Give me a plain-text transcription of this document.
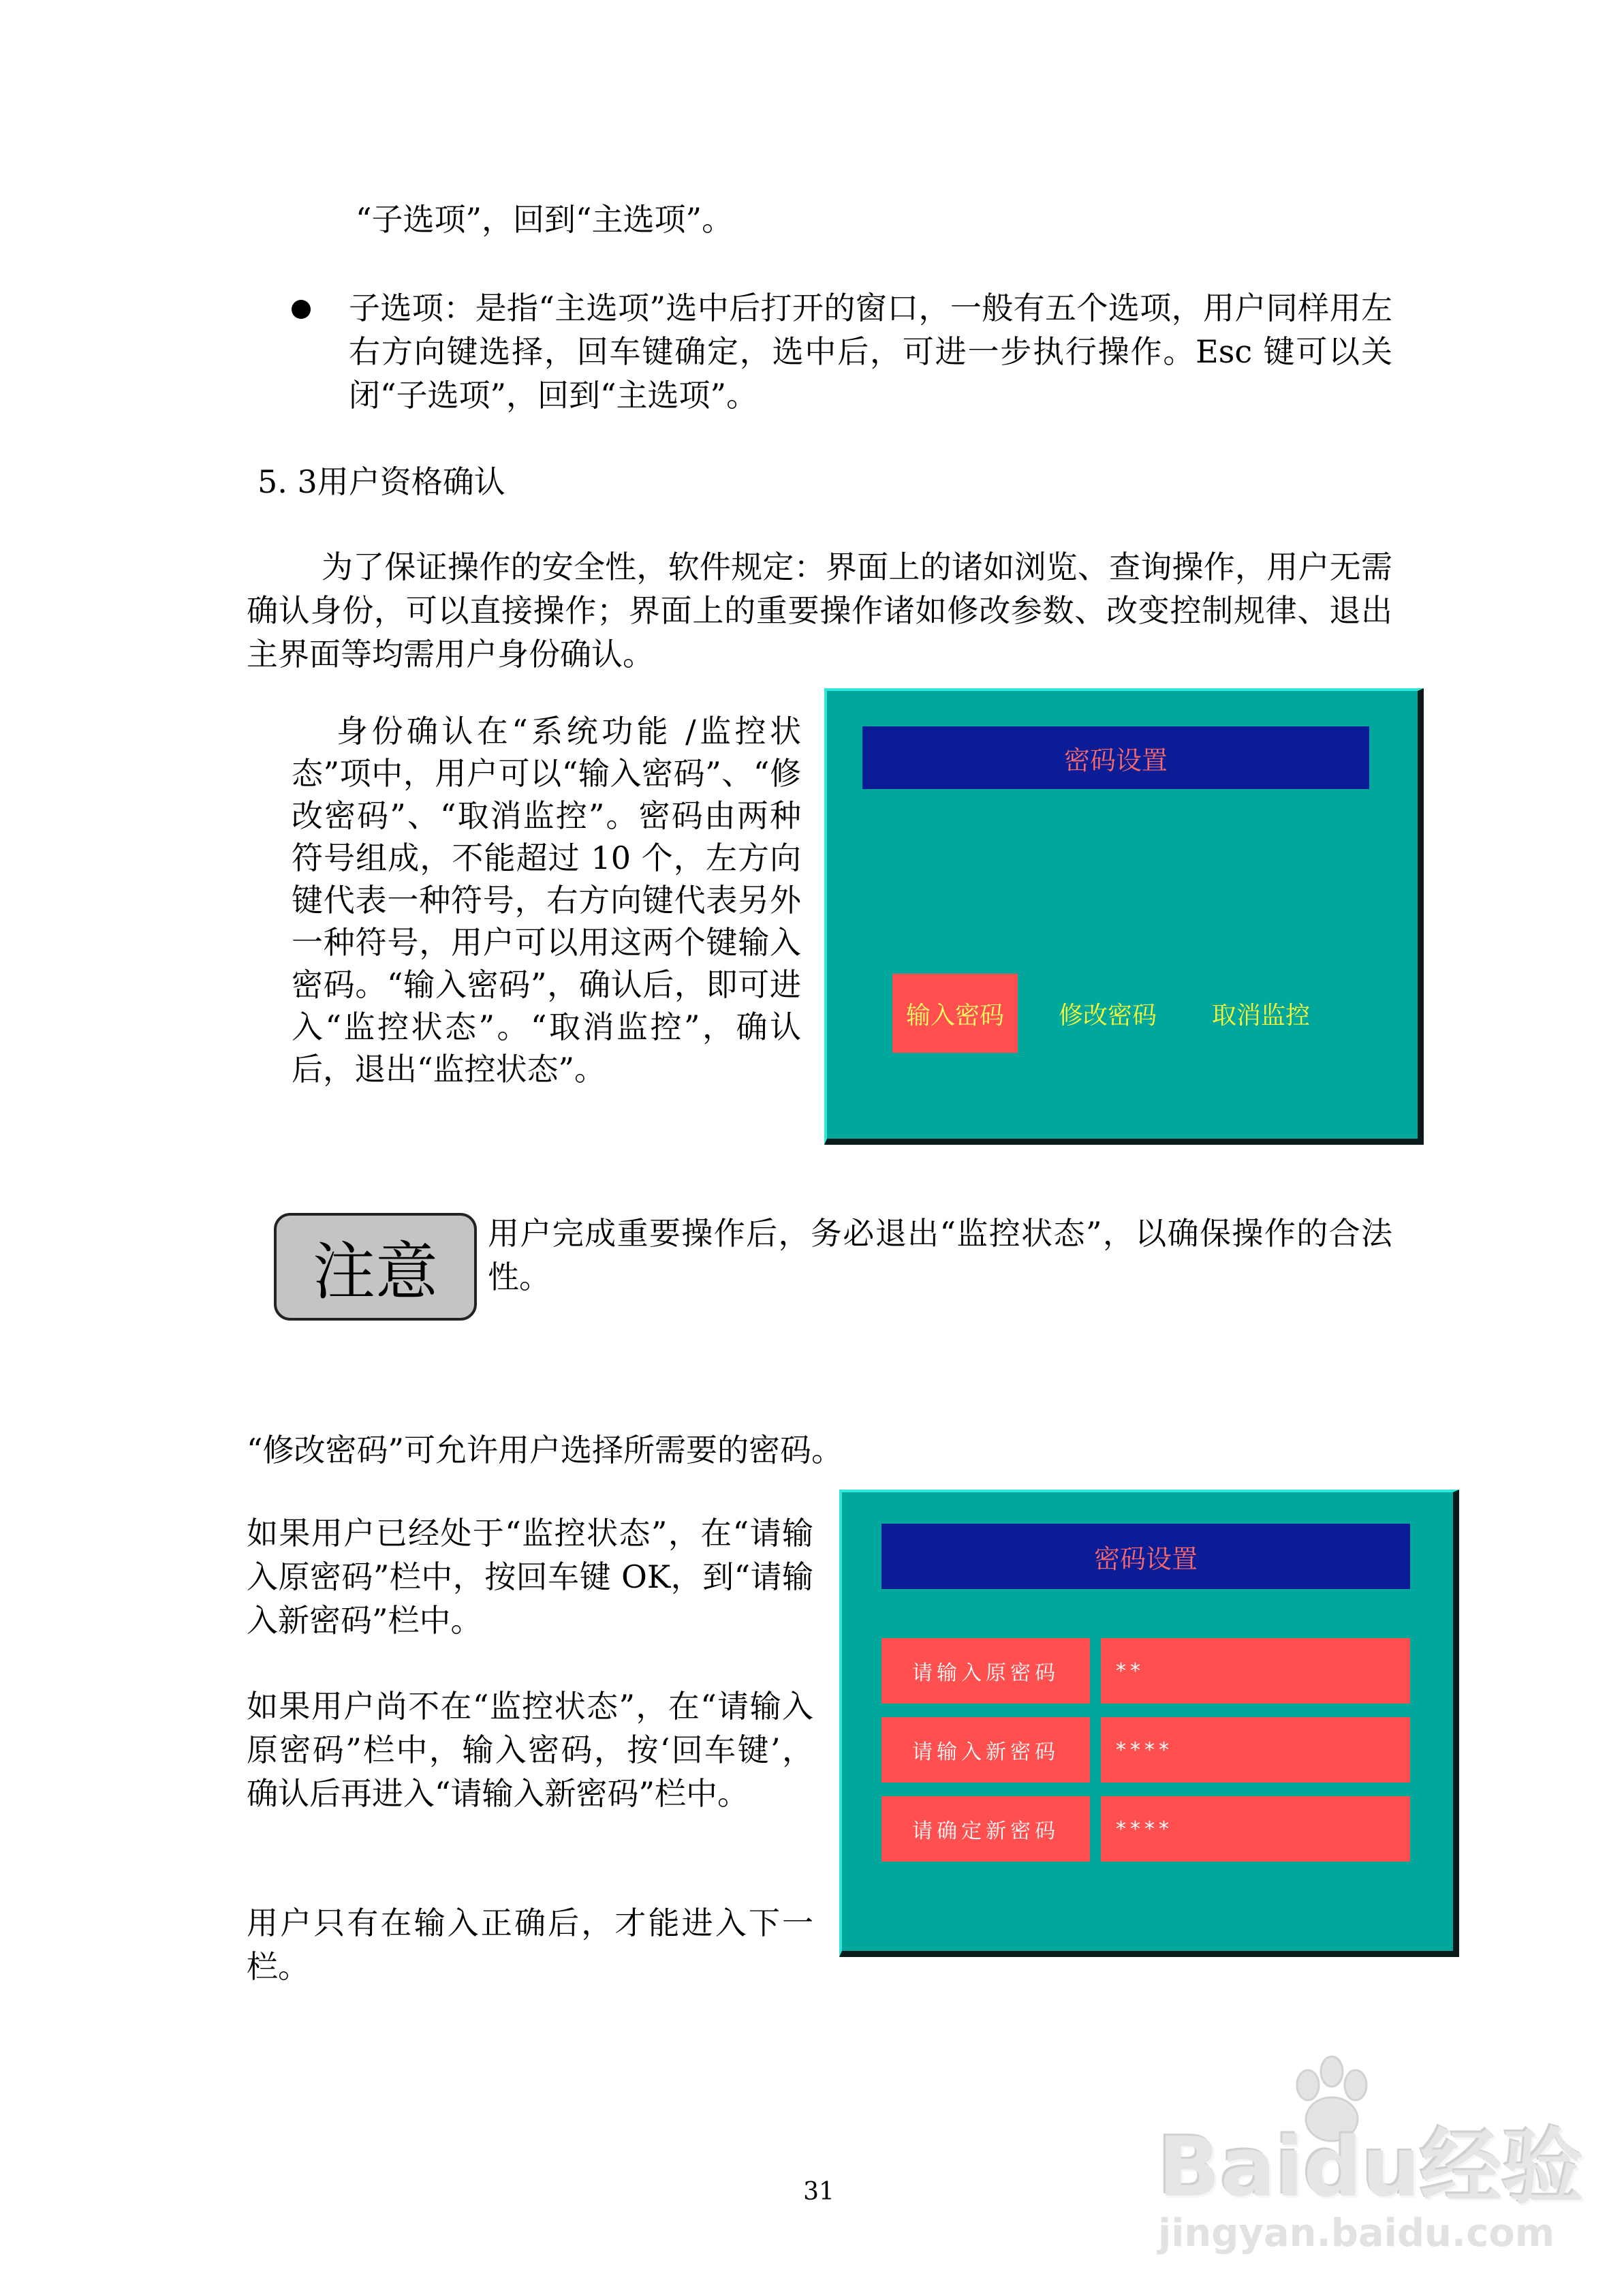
“子选项”，回到“主选项”。
子选项：是指“主选项”选中后打开的窗口，一般有五个选项，用户同样用左右方向键选择，回车键确定，选中后，可进一步执行操作。Esc 键可以关闭“子选项”，回到“主选项”。
5. 3用户资格确认
为了保证操作的安全性，软件规定：界面上的诸如浏览、查询操作，用户无需确认身份，可以直接操作；界面上的重要操作诸如修改参数、改变控制规律、退出主界面等均需用户身份确认。
身份确认在“系统功能 /监控状态”项中，用户可以“输入密码”、“修改密码”、“取消监控”。密码由两种符号组成，不能超过 10 个，左方向键代表一种符号，右方向键代表另外一种符号，用户可以用这两个键输入密码。“输入密码”，确认后，即可进入“监控状态”。“取消监控”，确认后，退出“监控状态”。
密码设置
输入密码	修改密码	取消监控
注意
用户完成重要操作后，务必退出“监控状态”，以确保操作的合法性。
“修改密码”可允许用户选择所需要的密码。
如果用户已经处于“监控状态”，在“请输入原密码”栏中，按回车键 OK，到“请输入新密码”栏中。
如果用户尚不在“监控状态”，在“请输入原密码”栏中，输入密码，按‘回车键’，确认后再进入“请输入新密码”栏中。
用户只有在输入正确后，才能进入下一栏。
密码设置
请输入原密码	**
请输入新密码	****
请确定新密码	****
31	Baidu经验
jingyan.baidu.com
